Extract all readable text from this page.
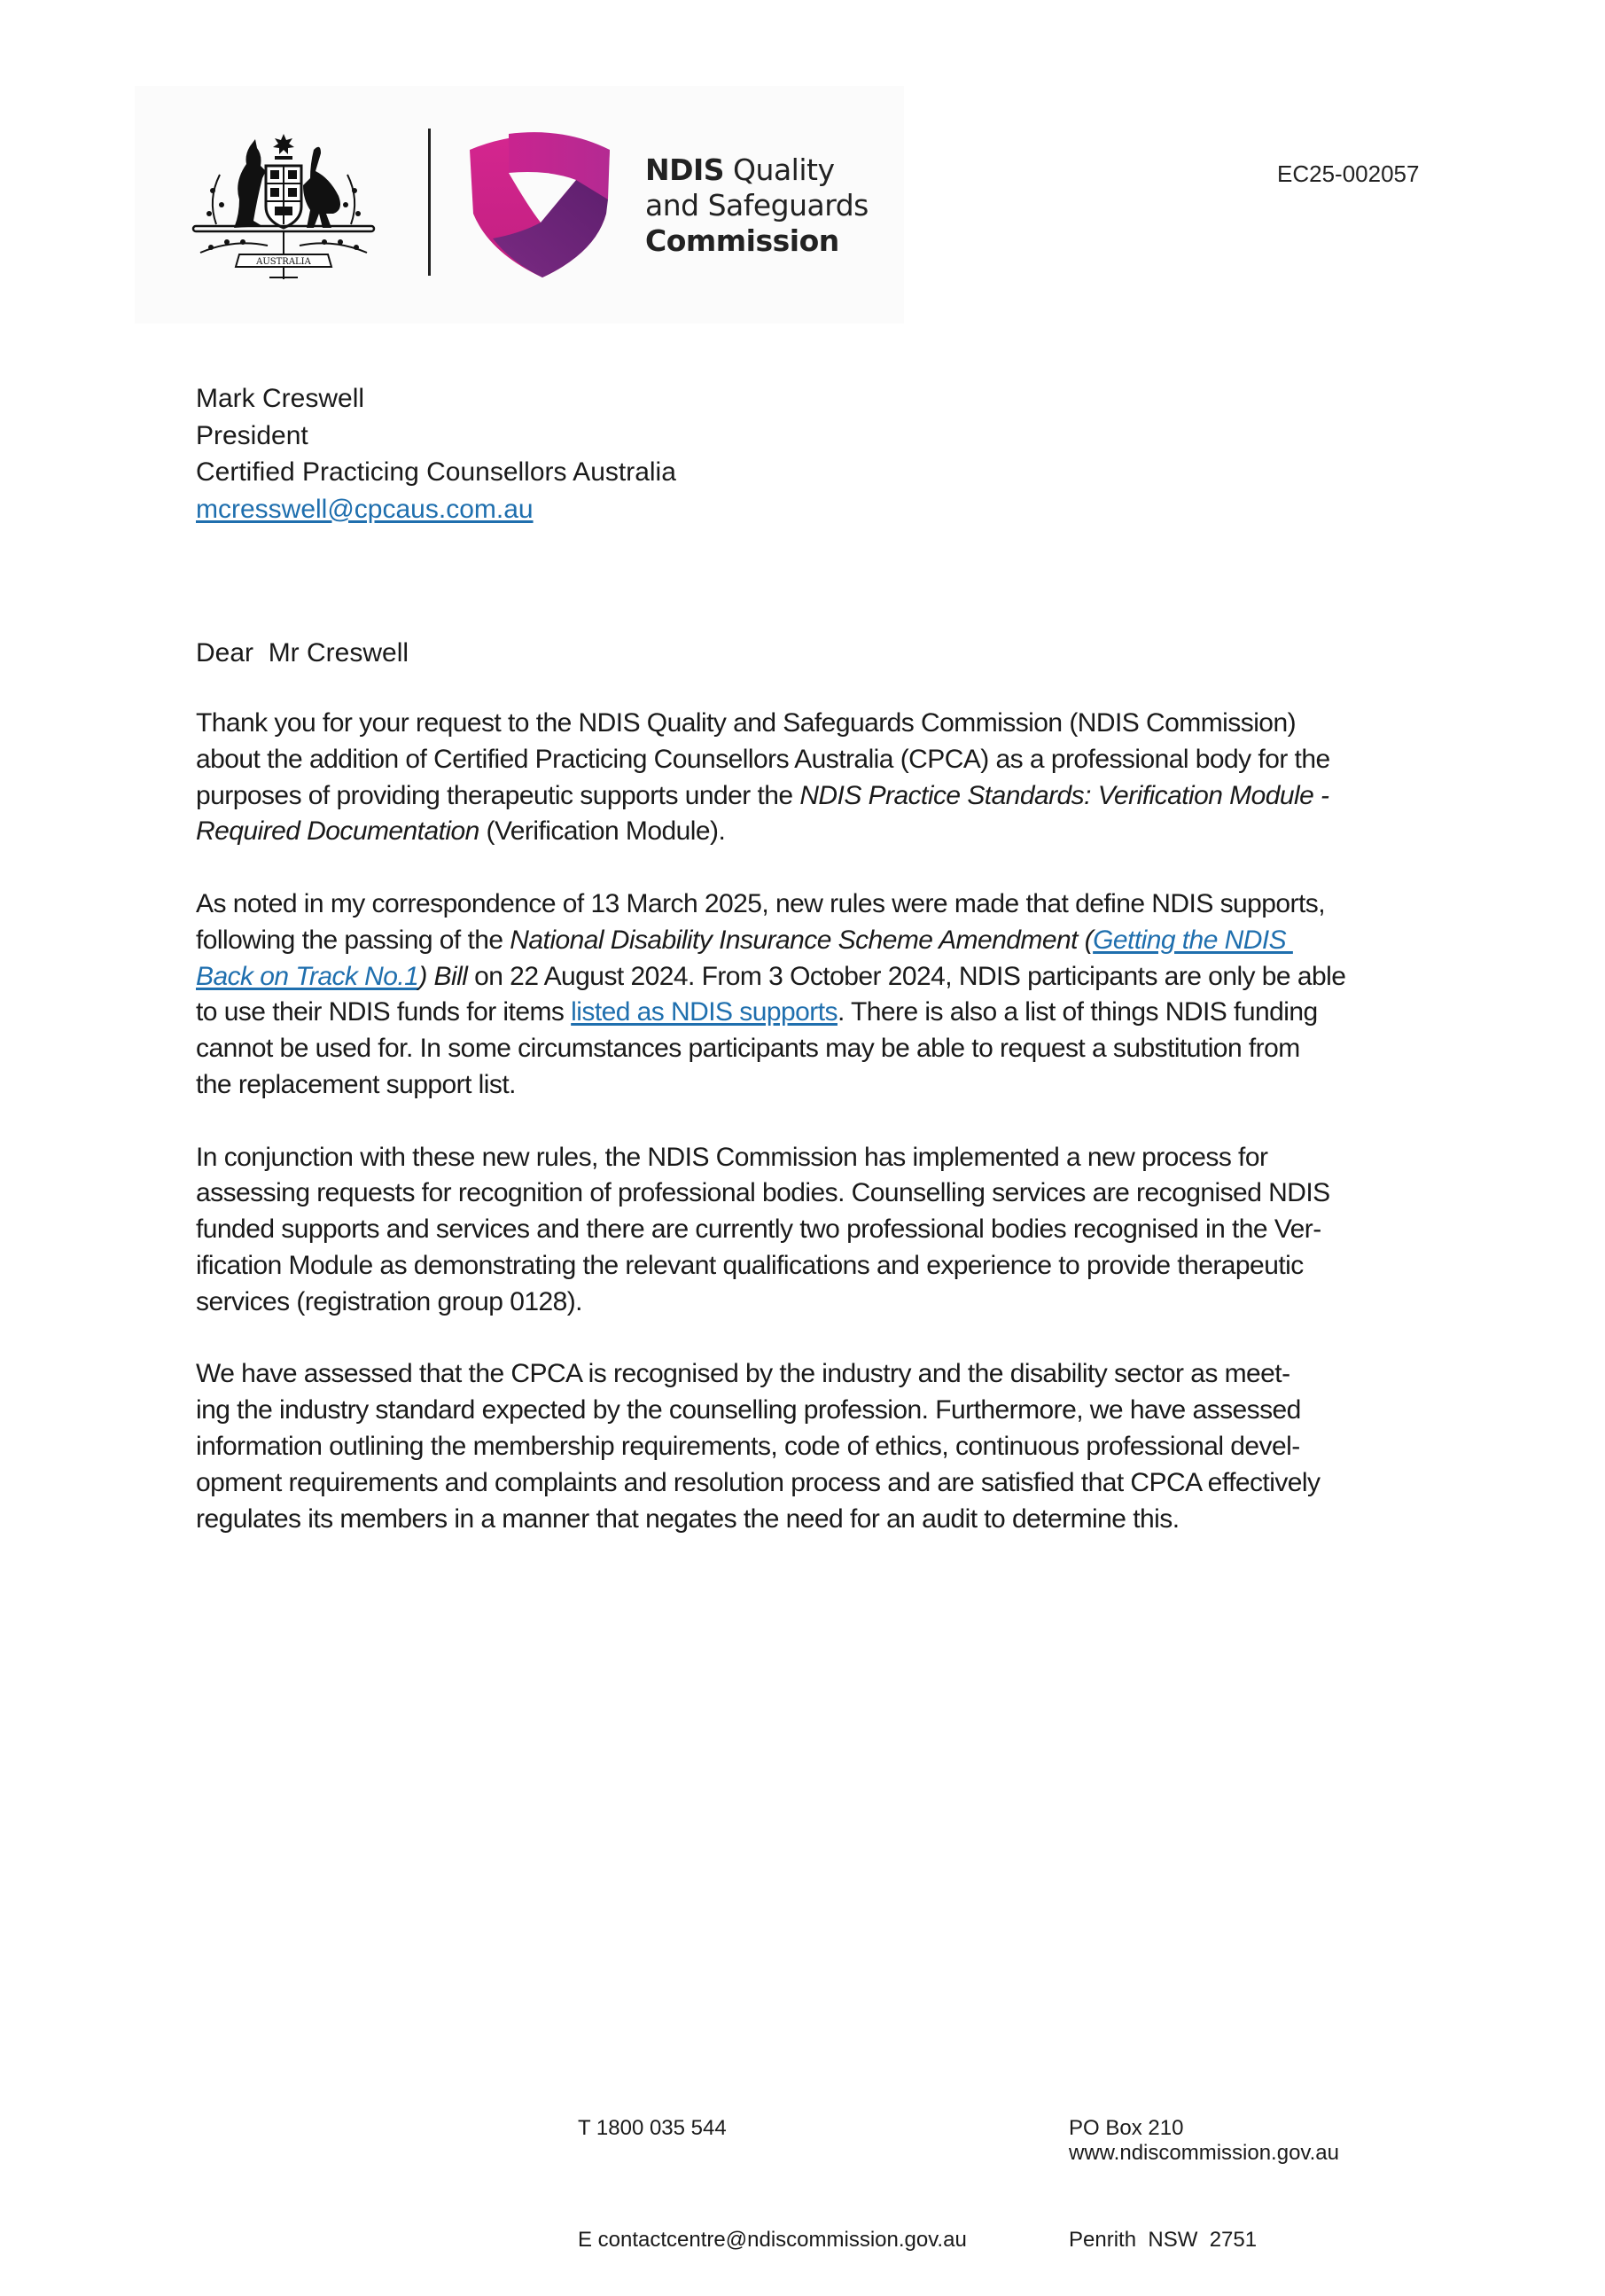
AUSTRALIA
NDIS Quality
and Safeguards
Commission
EC25-002057
Mark Creswell
President
Certified Practicing Counsellors Australia
mcresswell@cpcaus.com.au
Dear  Mr Creswell
Thank you for your request to the NDIS Quality and Safeguards Commission (NDIS Commission)
about the addition of Certified Practicing Counsellors Australia (CPCA) as a professional body for the
purposes of providing therapeutic supports under the NDIS Practice Standards: Verification Module -
Required Documentation (Verification Module).
As noted in my correspondence of 13 March 2025, new rules were made that define NDIS supports,
following the passing of the National Disability Insurance Scheme Amendment (Getting the NDIS
Back on Track No.1) Bill on 22 August 2024. From 3 October 2024, NDIS participants are only be able
to use their NDIS funds for items listed as NDIS supports. There is also a list of things NDIS funding
cannot be used for. In some circumstances participants may be able to request a substitution from
the replacement support list.
In conjunction with these new rules, the NDIS Commission has implemented a new process for
assessing requests for recognition of professional bodies. Counselling services are recognised NDIS
funded supports and services and there are currently two professional bodies recognised in the Ver-
ification Module as demonstrating the relevant qualifications and experience to provide therapeutic
services (registration group 0128).
We have assessed that the CPCA is recognised by the industry and the disability sector as meet-
ing the industry standard expected by the counselling profession. Furthermore, we have assessed
information outlining the membership requirements, code of ethics, continuous professional devel-
opment requirements and complaints and resolution process and are satisfied that CPCA effectively
regulates its members in a manner that negates the need for an audit to determine this.

T 1800 035 544

E contactcentre@ndiscommission.gov.au

PO Box 210

Penrith  NSW  2751

www.ndiscommission.gov.au
